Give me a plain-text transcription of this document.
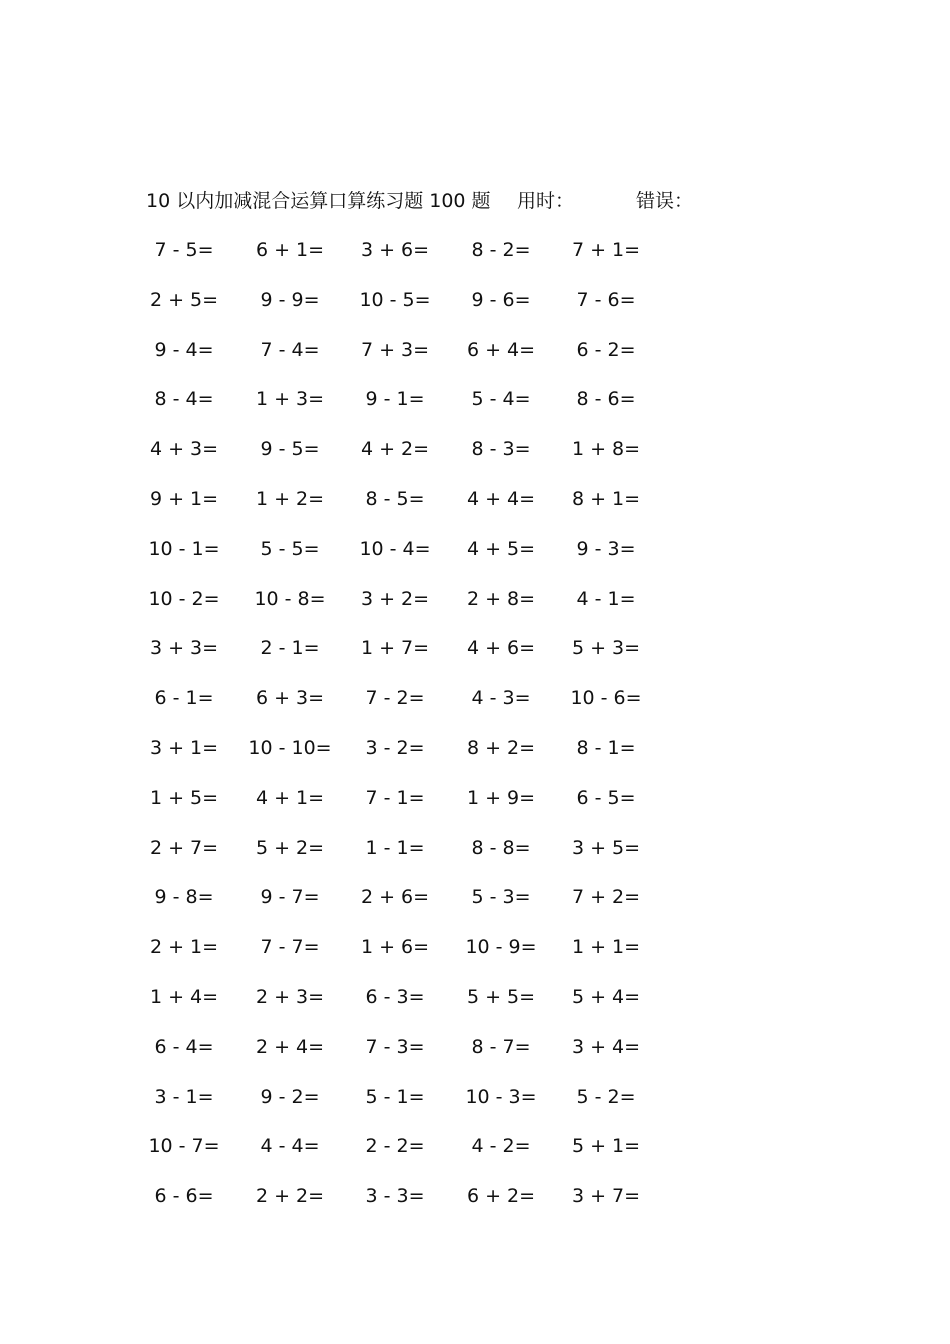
10 以内加减混合运算口算练习题 100 题 用时：	错误：
7 - 5=	6 + 1=	3 + 6=	8 - 2=	7 + 1=
2 + 5=	9 - 9=	10 - 5=	9 - 6=	7 - 6=
9 - 4=	7 - 4=	7 + 3=	6 + 4=	6 - 2=
8 - 4=	1 + 3=	9 - 1=	5 - 4=	8 - 6=
4 + 3=	9 - 5=	4 + 2=	8 - 3=	1 + 8=
9 + 1=	1 + 2=	8 - 5=	4 + 4=	8 + 1=
10 - 1=	5 - 5=	10 - 4=	4 + 5=	9 - 3=
10 - 2=	10 - 8=	3 + 2=	2 + 8=	4 - 1=
3 + 3=	2 - 1=	1 + 7=	4 + 6=	5 + 3=
6 - 1=	6 + 3=	7 - 2=	4 - 3=	10 - 6=
3 + 1=	10 - 10=	3 - 2=	8 + 2=	8 - 1=
1 + 5=	4 + 1=	7 - 1=	1 + 9=	6 - 5=
2 + 7=	5 + 2=	1 - 1=	8 - 8=	3 + 5=
9 - 8=	9 - 7=	2 + 6=	5 - 3=	7 + 2=
2 + 1=	7 - 7=	1 + 6=	10 - 9=	1 + 1=
1 + 4=	2 + 3=	6 - 3=	5 + 5=	5 + 4=
6 - 4=	2 + 4=	7 - 3=	8 - 7=	3 + 4=
3 - 1=	9 - 2=	5 - 1=	10 - 3=	5 - 2=
10 - 7=	4 - 4=	2 - 2=	4 - 2=	5 + 1=
6 - 6=	2 + 2=	3 - 3=	6 + 2=	3 + 7=
